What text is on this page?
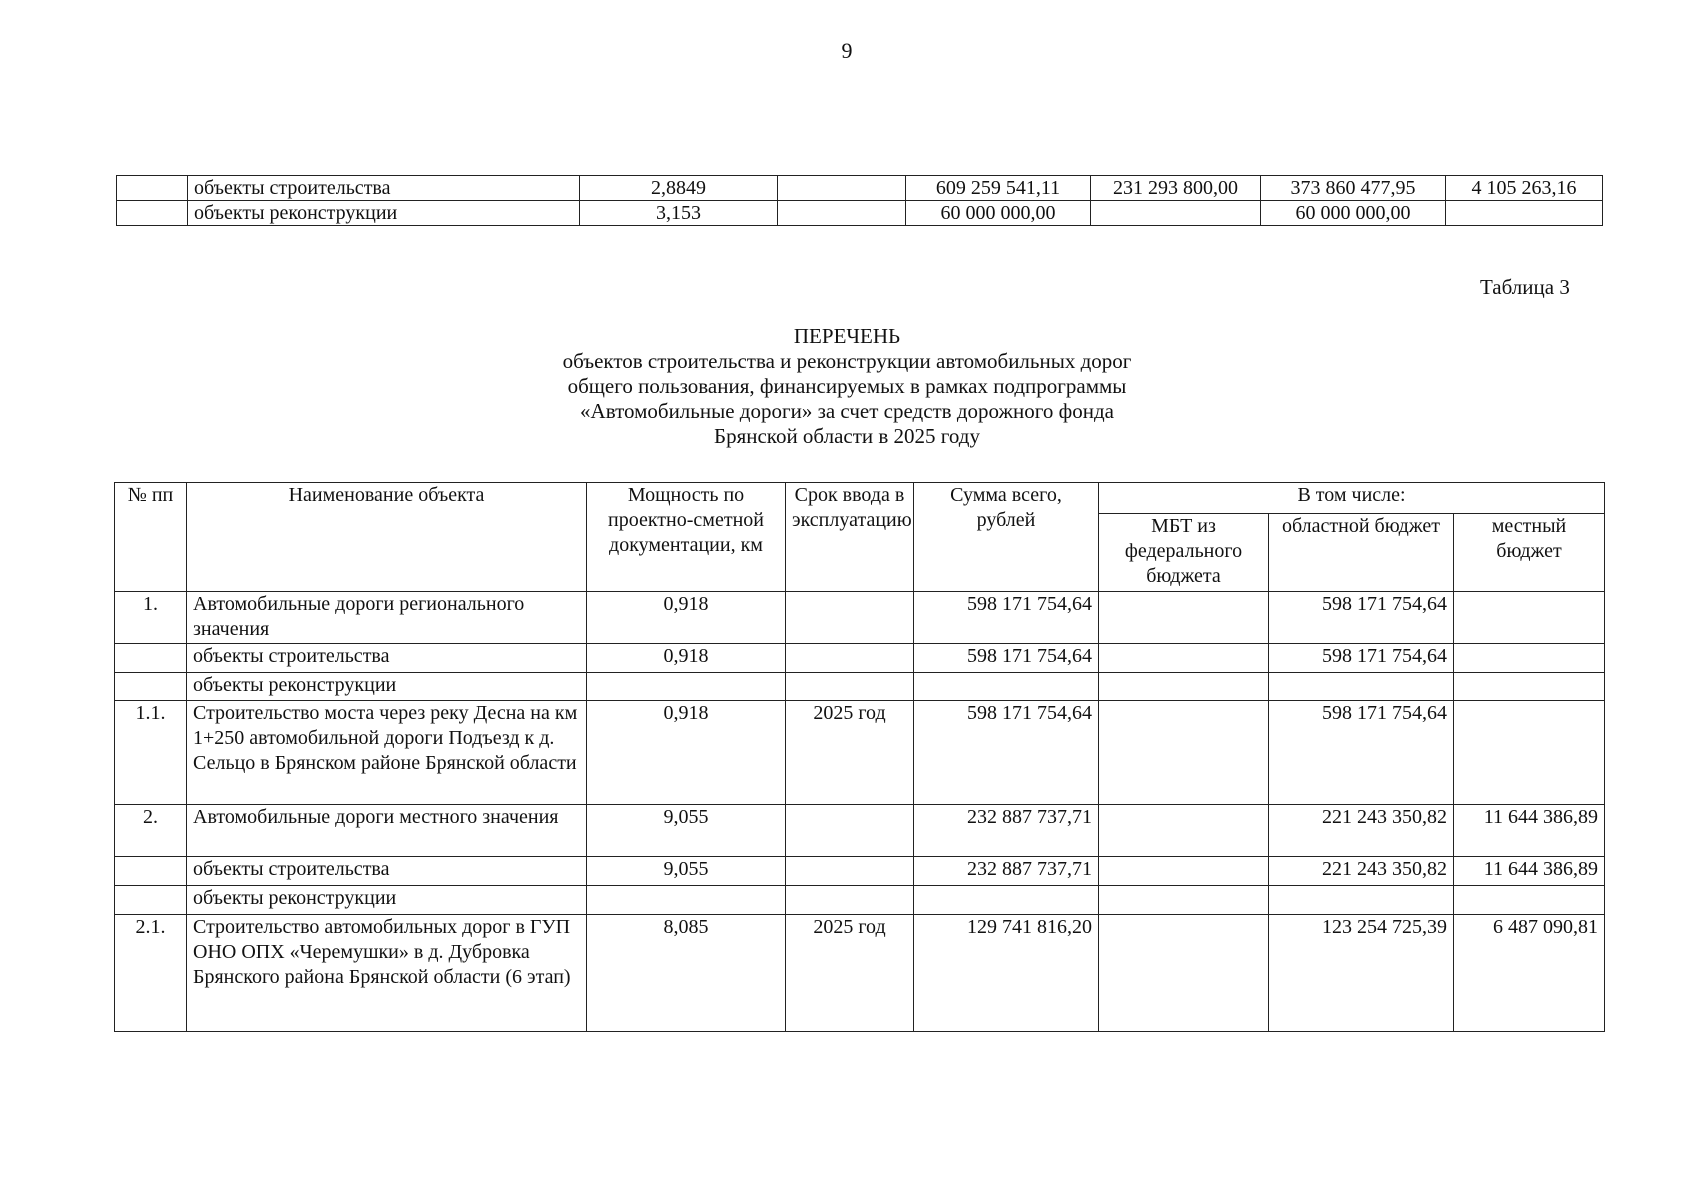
9
	объекты строительства	2,8849		609 259 541,11	231 293 800,00	373 860 477,95	4 105 263,16
	объекты реконструкции	3,153		60 000 000,00		60 000 000,00	
Таблица 3
ПЕРЕЧЕНЬ
объектов строительства и реконструкции автомобильных дорог
общего пользования, финансируемых в рамках подпрограммы
«Автомобильные дороги» за счет средств дорожного фонда
Брянской области в 2025 году
№ пп	Наименование объекта	Мощность по проектно-сметной документации, км	Срок ввода в эксплуатацию	Сумма всего, рублей	В том числе:		
					МБТ из федерального бюджета	областной бюджет	местный бюджет
1.	Автомобильные дороги регионального значения	0,918		598 171 754,64		598 171 754,64	
	объекты строительства	0,918		598 171 754,64		598 171 754,64	
	объекты реконструкции						
1.1.	Строительство моста через реку Десна на км 1+250 автомобильной дороги Подъезд к д. Сельцо в Брянском районе Брянской области	0,918	2025 год	598 171 754,64		598 171 754,64	
2.	Автомобильные дороги местного значения	9,055		232 887 737,71		221 243 350,82	11 644 386,89
	объекты строительства	9,055		232 887 737,71		221 243 350,82	11 644 386,89
	объекты реконструкции						
2.1.	Строительство автомобильных дорог в ГУП ОНО ОПХ «Черемушки» в д. Дубровка Брянского района Брянской области (6 этап)	8,085	2025 год	129 741 816,20		123 254 725,39	6 487 090,81
